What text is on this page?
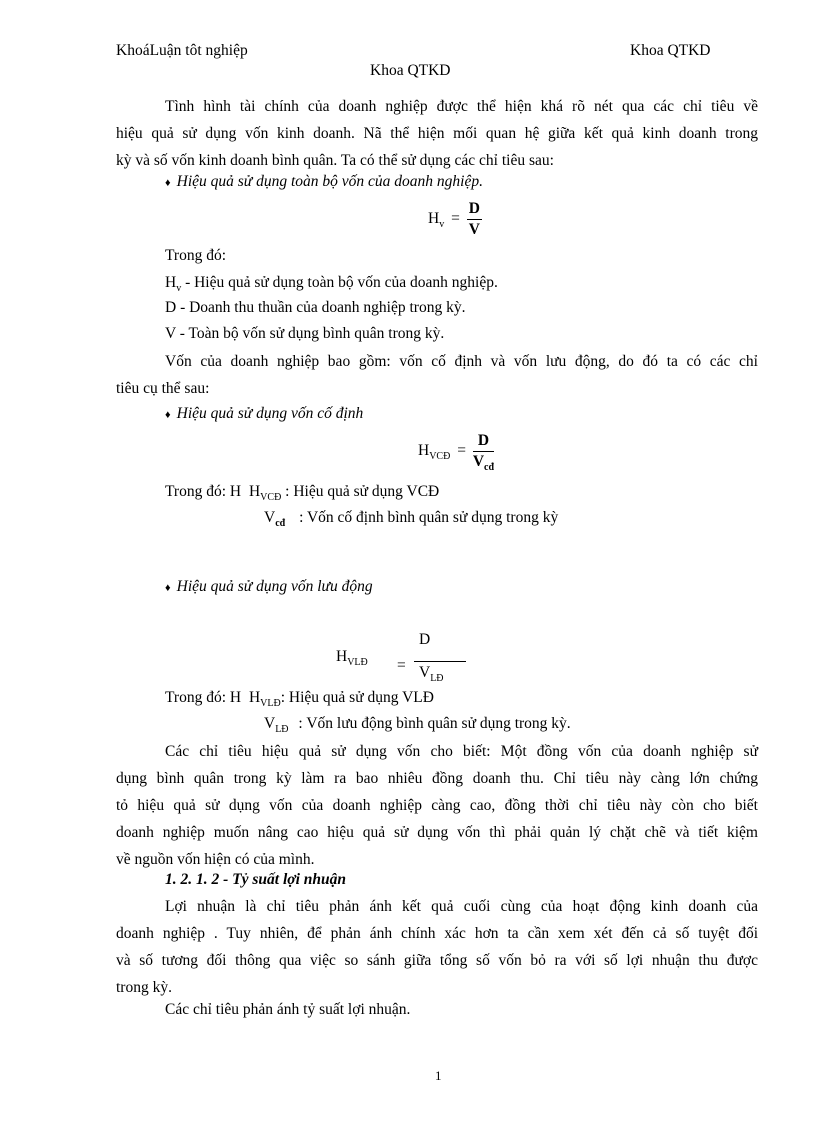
KhoáLuận tôt nghiệp	Khoa QTKD
Khoa QTKD
Tình hình tài chính của doanh nghiệp được thể hiện khá rõ nét qua các chỉ tiêu về
hiệu quả sử dụng vốn kinh doanh. Nã thể hiện mối quan hệ giữa kết quả kinh doanh trong
kỳ và số vốn kinh doanh bình quân. Ta có thể sử dụng các chỉ tiêu sau:
♦ Hiệu quả sử dụng toàn bộ vốn của doanh nghiệp.
$H_v = \frac{D}{V}$
Trong đó:
$H_v$ - Hiệu quả sử dụng toàn bộ vốn của doanh nghiệp.
D - Doanh thu thuần của doanh nghiệp trong kỳ.
V - Toàn bộ vốn sử dụng bình quân trong kỳ.
Vốn của doanh nghiệp bao gồm: vốn cố định và vốn lưu động, do đó ta có các chỉ
tiêu cụ thể sau:
♦ Hiệu quả sử dụng vốn cố định
$H_{VCĐ} = \frac{D}{V_{cđ}}$
Trong đó: H $H_{VCĐ}$ : Hiệu quả sử dụng VCĐ
$V_{cđ}$ : Vốn cố định bình quân sử dụng trong kỳ
♦ Hiệu quả sử dụng vốn lưu động
$H_{VLĐ}$ =
D
$V_{LĐ}$
Trong đó: H $H_{VLĐ}$: Hiệu quả sử dụng VLĐ
$V_{LĐ}$ : Vốn lưu động bình quân sử dụng trong kỳ.
Các chỉ tiêu hiệu quả sử dụng vốn cho biết: Một đồng vốn của doanh nghiệp sử
dụng bình quân trong kỳ làm ra bao nhiêu đồng doanh thu. Chỉ tiêu này càng lớn chứng
tỏ hiệu quả sử dụng vốn của doanh nghiệp càng cao, đồng thời chỉ tiêu này còn cho biết
doanh nghiệp muốn nâng cao hiệu quả sử dụng vốn thì phải quản lý chặt chẽ và tiết kiệm
về nguồn vốn hiện có của mình.
1. 2. 1. 2 - Tỷ suất lợi nhuận
Lợi nhuận là chỉ tiêu phản ánh kết quả cuối cùng của hoạt động kinh doanh của
doanh nghiệp . Tuy nhiên, để phản ánh chính xác hơn ta cần xem xét đến cả số tuyệt đối
và số tương đối thông qua việc so sánh giữa tổng số vốn bỏ ra với số lợi nhuận thu được
trong kỳ.
Các chỉ tiêu phản ánh tỷ suất lợi nhuận.
1
